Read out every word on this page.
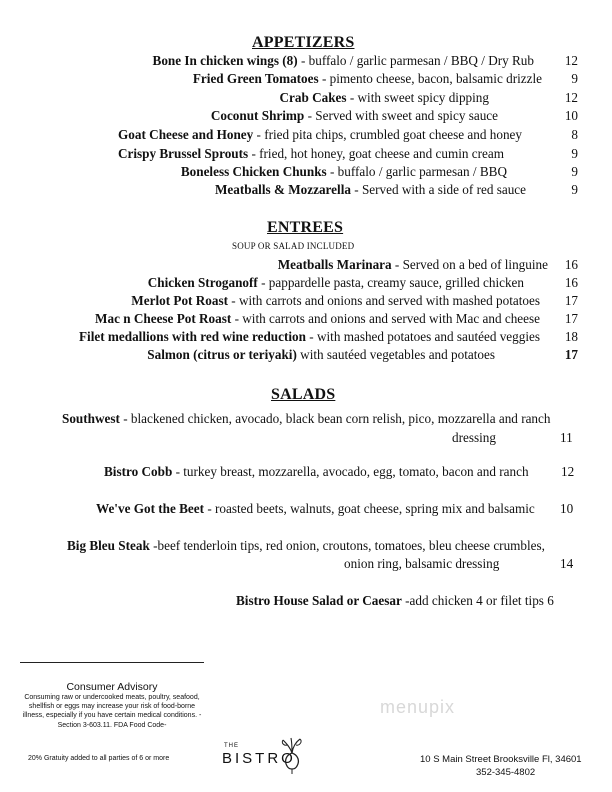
APPETIZERS
Bone In chicken wings (8) - buffalo / garlic parmesan / BBQ / Dry Rub	12
Fried Green Tomatoes - pimento cheese, bacon, balsamic drizzle	9
Crab Cakes - with sweet spicy dipping	12
Coconut Shrimp - Served with sweet and spicy sauce	10
Goat Cheese and Honey - fried pita chips, crumbled goat cheese and honey	8
Crispy Brussel Sprouts - fried, hot honey, goat cheese and cumin cream	9
Boneless Chicken Chunks - buffalo / garlic parmesan / BBQ	9
Meatballs & Mozzarella - Served with a side of red sauce	9
ENTREES
SOUP OR SALAD INCLUDED
Meatballs Marinara - Served on a bed of linguine	16
Chicken Stroganoff - pappardelle pasta, creamy sauce, grilled chicken	16
Merlot Pot Roast - with carrots and onions and served with mashed potatoes	17
Mac n Cheese Pot Roast - with carrots and onions and served with Mac and cheese	17
Filet medallions with red wine reduction - with mashed potatoes and sautéed veggies	18
Salmon (citrus or teriyaki) with sautéed vegetables and potatoes	17
SALADS
Southwest - blackened chicken, avocado, black bean corn relish, pico, mozzarella and ranch
dressing	11
Bistro Cobb - turkey breast, mozzarella, avocado, egg, tomato, bacon and ranch 12
We've Got the Beet - roasted beets, walnuts, goat cheese, spring mix and balsamic 10
Big Bleu Steak -beef tenderloin tips, red onion, croutons, tomatoes, bleu cheese crumbles,
onion ring, balsamic dressing	14
Bistro House Salad or Caesar -add chicken 4 or filet tips 6
Consumer Advisory
Consuming raw or undercooked meats, poultry, seafood, shellfish or eggs may increase your risk of food-borne illness, especially if you have certain medical conditions. -Section 3-603.11. FDA Food Code-
20% Gratuity added to all parties of 6 or more
menupix
THE
BISTRO	10 S Main Street Brooksville Fl, 34601
352-345-4802
